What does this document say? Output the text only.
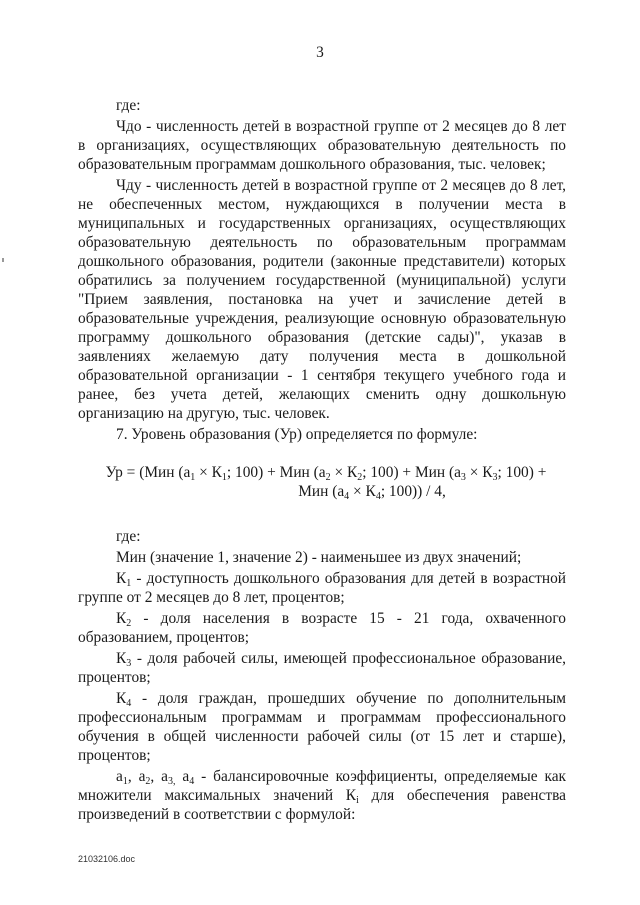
3

где:

Чдо - численность детей в возрастной группе от 2 месяцев до 8 лет в организациях, осуществляющих образовательную деятельность по образовательным программам дошкольного образования, тыс. человек;

Чду - численность детей в возрастной группе от 2 месяцев до 8 лет, не обеспеченных местом, нуждающихся в получении места в муниципальных и государственных организациях, осуществляющих образовательную деятельность по образовательным программам дошкольного образования, родители (законные представители) которых обратились за получением государственной (муниципальной) услуги "Прием заявления, постановка на учет и зачисление детей в образовательные учреждения, реализующие основную образовательную программу дошкольного образования (детские сады)", указав в заявлениях желаемую дату получения места в дошкольной образовательной организации - 1 сентября текущего учебного года и ранее, без учета детей, желающих сменить одну дошкольную организацию на другую, тыс. человек.

7. Уровень образования (Ур) определяется по формуле:

Ур = (Мин ($а_1 \times К_1$; 100) + Мин ($а_2 \times К_2$; 100) + Мин ($а_3 \times К_3$; 100) +
Мин ($а_4 \times К_4$; 100)) / 4,

где:

Мин (значение 1, значение 2) - наименьшее из двух значений;

$К_1$ - доступность дошкольного образования для детей в возрастной группе от 2 месяцев до 8 лет, процентов;

$К_2$ - доля населения в возрасте 15 - 21 года, охваченного образованием, процентов;

$К_3$ - доля рабочей силы, имеющей профессиональное образование, процентов;

$К_4$ - доля граждан, прошедших обучение по дополнительным профессиональным программам и программам профессионального обучения в общей численности рабочей силы (от 15 лет и старше), процентов;

$а_1$, $а_2$, $а_{3,}$ $а_4$ - балансировочные коэффициенты, определяемые как множители максимальных значений $К_i$ для обеспечения равенства произведений в соответствии с формулой:

21032106.doc
